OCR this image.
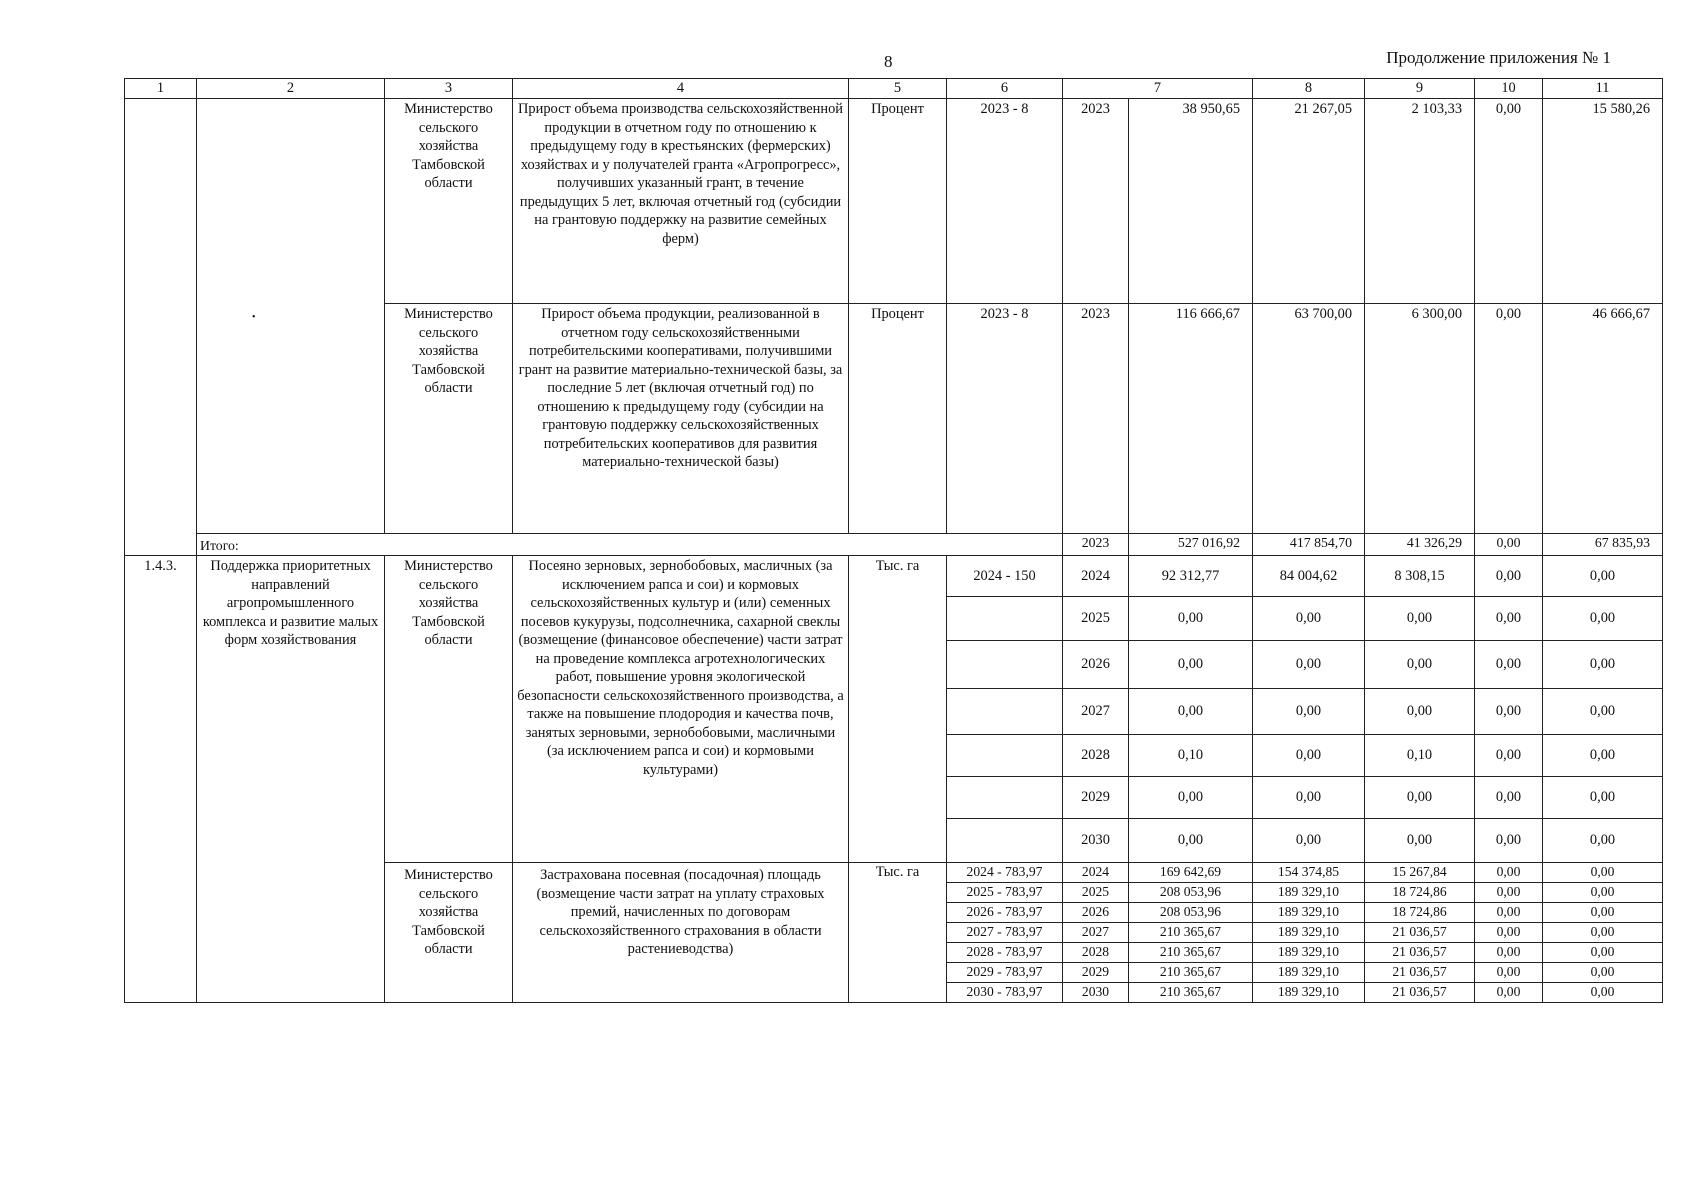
8	Продолжение приложения № 1
•
1	2	3	4	5	6	7		8	9	10	11
		Министерство сельского хозяйства Тамбовской области	Прирост объема производства сельскохозяйственной продукции в отчетном году по отношению к предыдущему году в крестьянских (фермерских) хозяйствах и у получателей гранта «Агропрогресс», получивших указанный грант, в течение предыдущих 5 лет, включая отчетный год (субсидии на грантовую поддержку на развитие семейных ферм)	Процент	2023 - 8	2023	38 950,65	21 267,05	2 103,33	0,00	15 580,26
		Министерство сельского хозяйства Тамбовской области	Прирост объема продукции, реализованной в отчетном году сельскохозяйственными потребительскими кооперативами, получившими грант на развитие материально-технической базы, за последние 5 лет (включая отчетный год) по отношению к предыдущему году (субсидии на грантовую поддержку сельскохозяйственных потребительских кооперативов для развития материально-технической базы)	Процент	2023 - 8	2023	116 666,67	63 700,00	6 300,00	0,00	46 666,67
	Итого:					2023	527 016,92	417 854,70	41 326,29	0,00	67 835,93
1.4.3.	Поддержка приоритетных направлений агропромышленного комплекса и развитие малых форм хозяйствования	Министерство сельского хозяйства Тамбовской области	Посеяно зерновых, зернобобовых, масличных (за исключением рапса и сои) и кормовых сельскохозяйственных культур и (или) семенных посевов кукурузы, подсолнечника, сахарной свеклы (возмещение (финансовое обеспечение) части затрат на проведение комплекса агротехнологических работ, повышение уровня экологической безопасности сельскохозяйственного производства, а также на повышение плодородия и качества почв, занятых зерновыми, зернобобовыми, масличными (за исключением рапса и сои) и кормовыми культурами)	Тыс. га	2024 - 150	2024	92 312,77	84 004,62	8 308,15	0,00	0,00
						2025	0,00	0,00	0,00	0,00	0,00
						2026	0,00	0,00	0,00	0,00	0,00
						2027	0,00	0,00	0,00	0,00	0,00
						2028	0,10	0,00	0,10	0,00	0,00
						2029	0,00	0,00	0,00	0,00	0,00
						2030	0,00	0,00	0,00	0,00	0,00
		Министерство сельского хозяйства Тамбовской области	Застрахована посевная (посадочная) площадь (возмещение части затрат на уплату страховых премий, начисленных по договорам сельскохозяйственного страхования в области растениеводства)	Тыс. га	2024 - 783,97	2024	169 642,69	154 374,85	15 267,84	0,00	0,00
					2025 - 783,97	2025	208 053,96	189 329,10	18 724,86	0,00	0,00
					2026 - 783,97	2026	208 053,96	189 329,10	18 724,86	0,00	0,00
					2027 - 783,97	2027	210 365,67	189 329,10	21 036,57	0,00	0,00
					2028 - 783,97	2028	210 365,67	189 329,10	21 036,57	0,00	0,00
					2029 - 783,97	2029	210 365,67	189 329,10	21 036,57	0,00	0,00
					2030 - 783,97	2030	210 365,67	189 329,10	21 036,57	0,00	0,00
